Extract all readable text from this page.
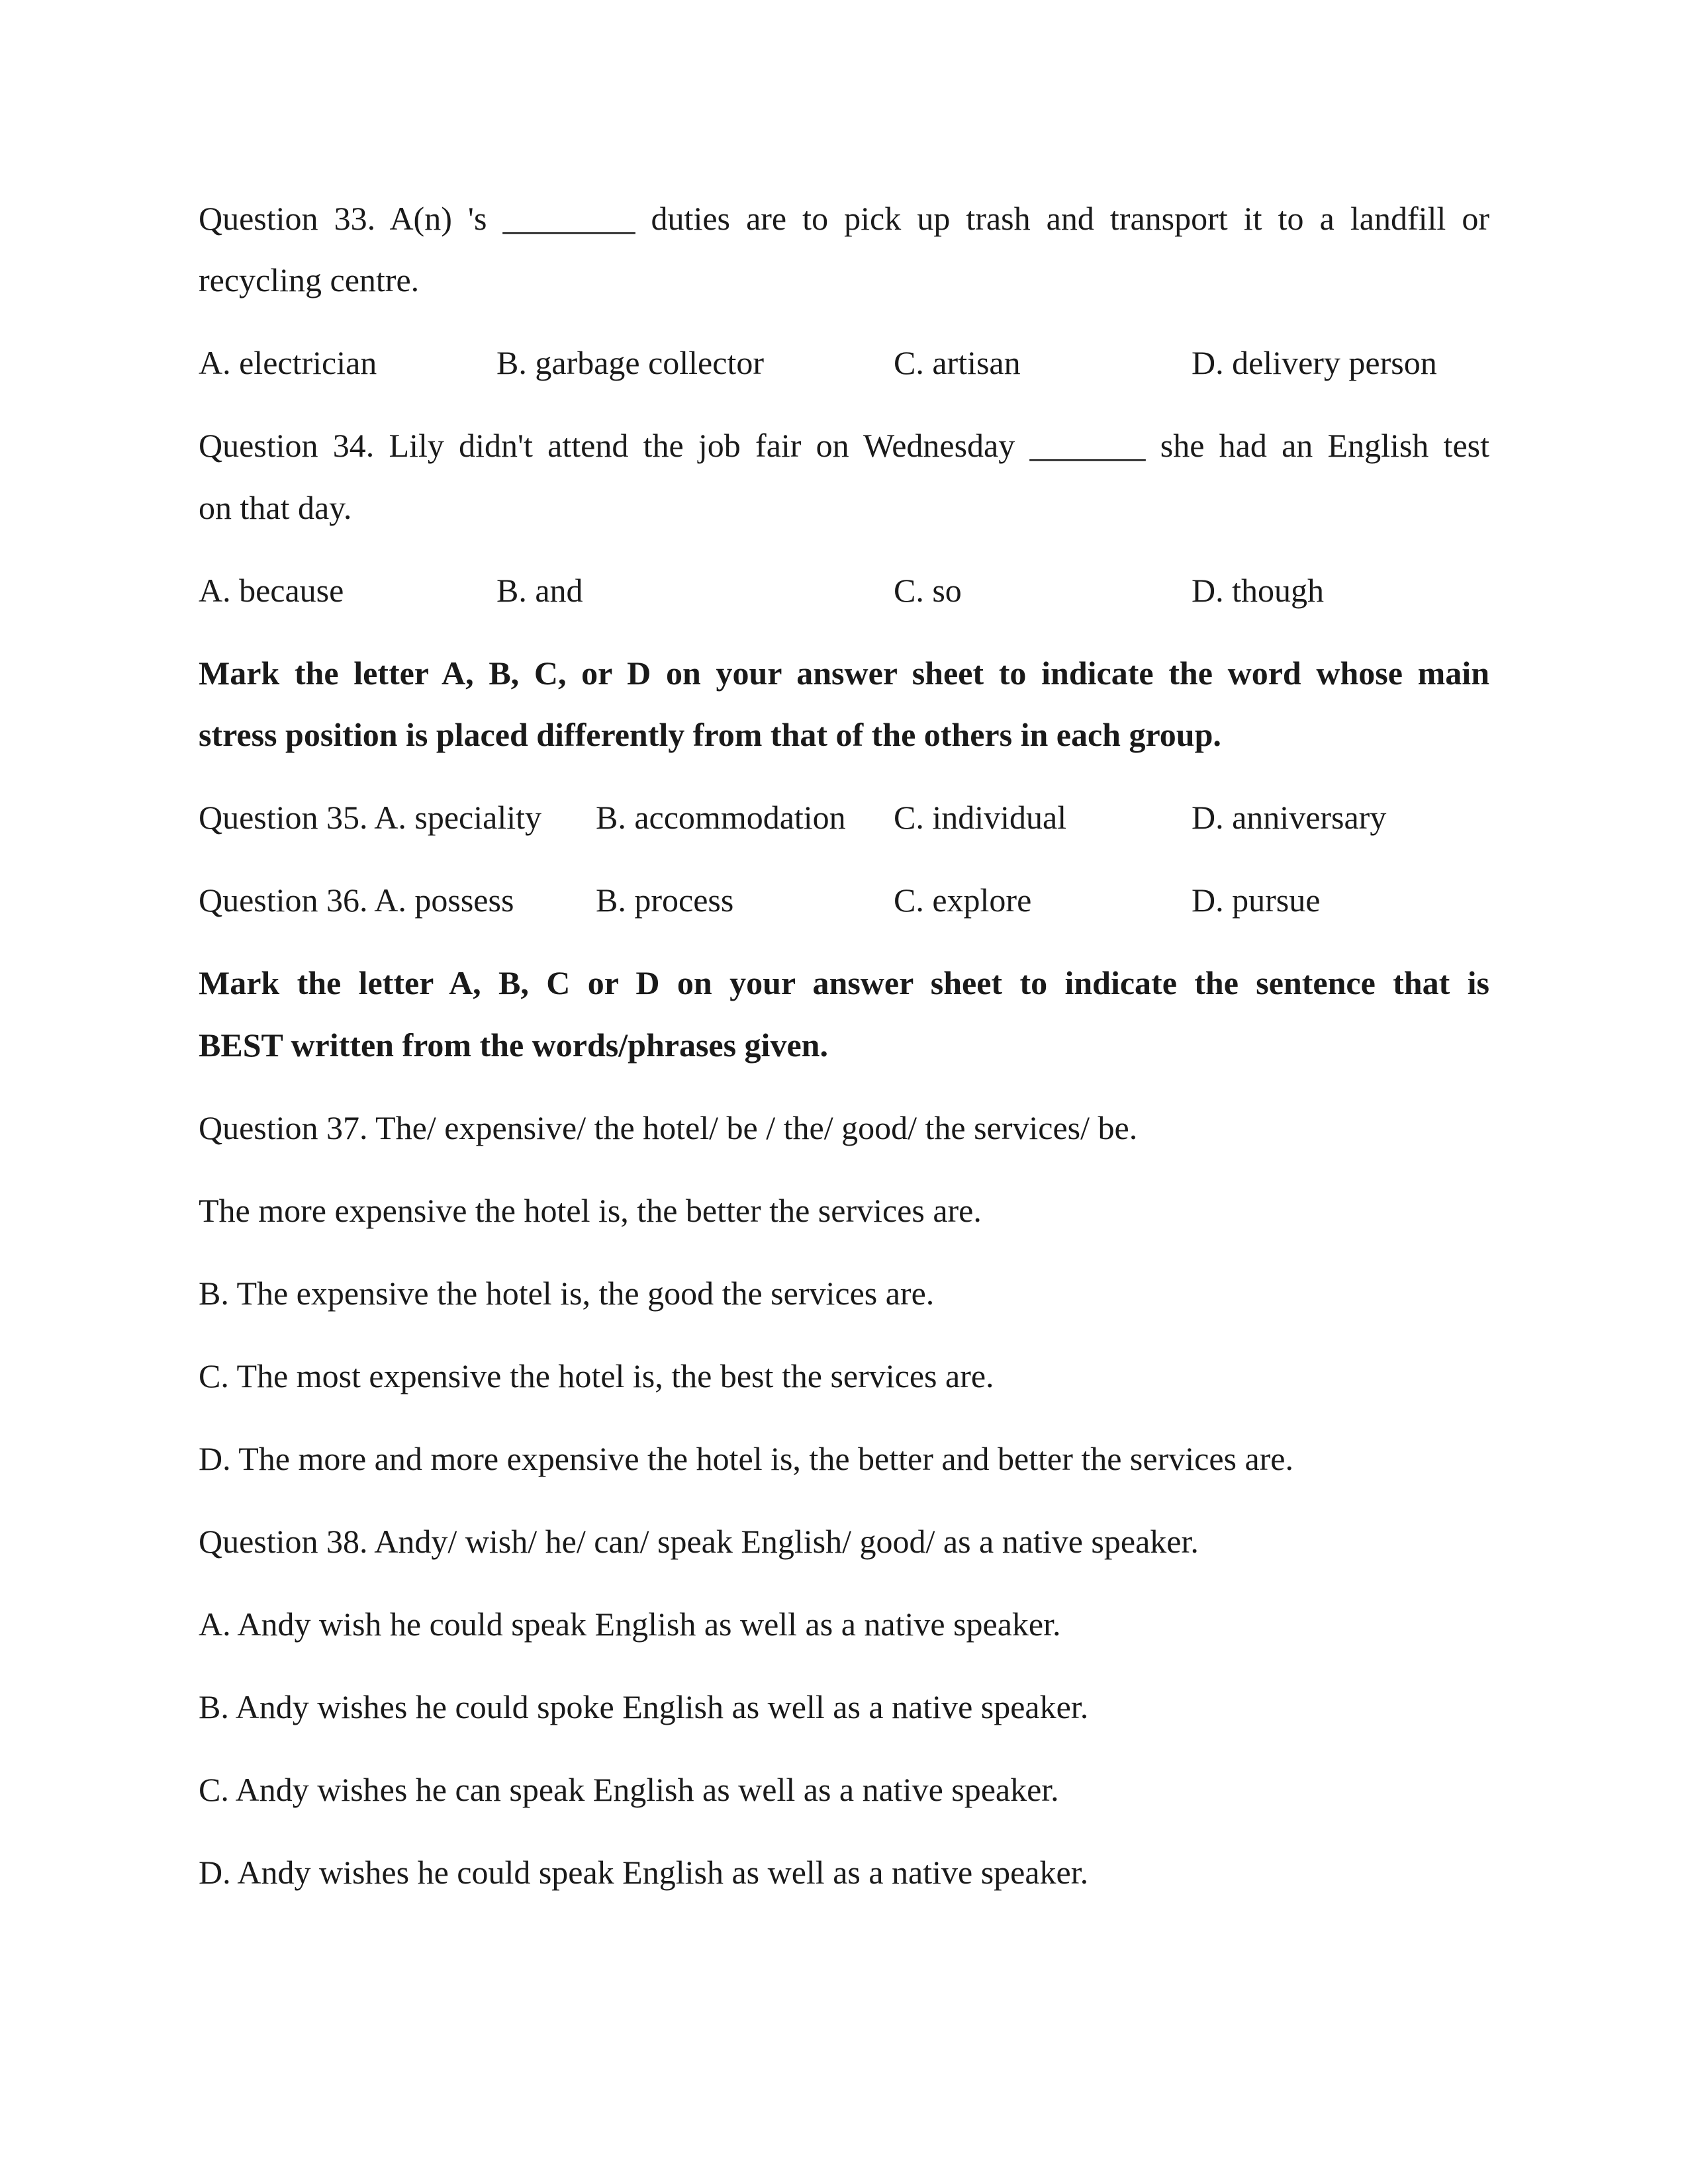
Question 33. A(n) 's ________ duties are to pick up trash and transport it to a landfill or
recycling centre.
A. electrician	B. garbage collector	C. artisan	D. delivery person
Question 34. Lily didn't attend the job fair on Wednesday _______ she had an English test
on that day.
A. because	B. and	C. so	D. though
Mark the letter A, B, C, or D on your answer sheet to indicate the word whose main
stress position is placed differently from that of the others in each group.
Question 35. A. speciality B. accommodation C. individual	D. anniversary
Question 36. A. possess B. process	C. explore	D. pursue
Mark the letter A, B, C or D on your answer sheet to indicate the sentence that is
BEST written from the words/phrases given.
Question 37. The/ expensive/ the hotel/ be / the/ good/ the services/ be.
The more expensive the hotel is, the better the services are.
B. The expensive the hotel is, the good the services are.
C. The most expensive the hotel is, the best the services are.
D. The more and more expensive the hotel is, the better and better the services are.
Question 38. Andy/ wish/ he/ can/ speak English/ good/ as a native speaker.
A. Andy wish he could speak English as well as a native speaker.
B. Andy wishes he could spoke English as well as a native speaker.
C. Andy wishes he can speak English as well as a native speaker.
D. Andy wishes he could speak English as well as a native speaker.
